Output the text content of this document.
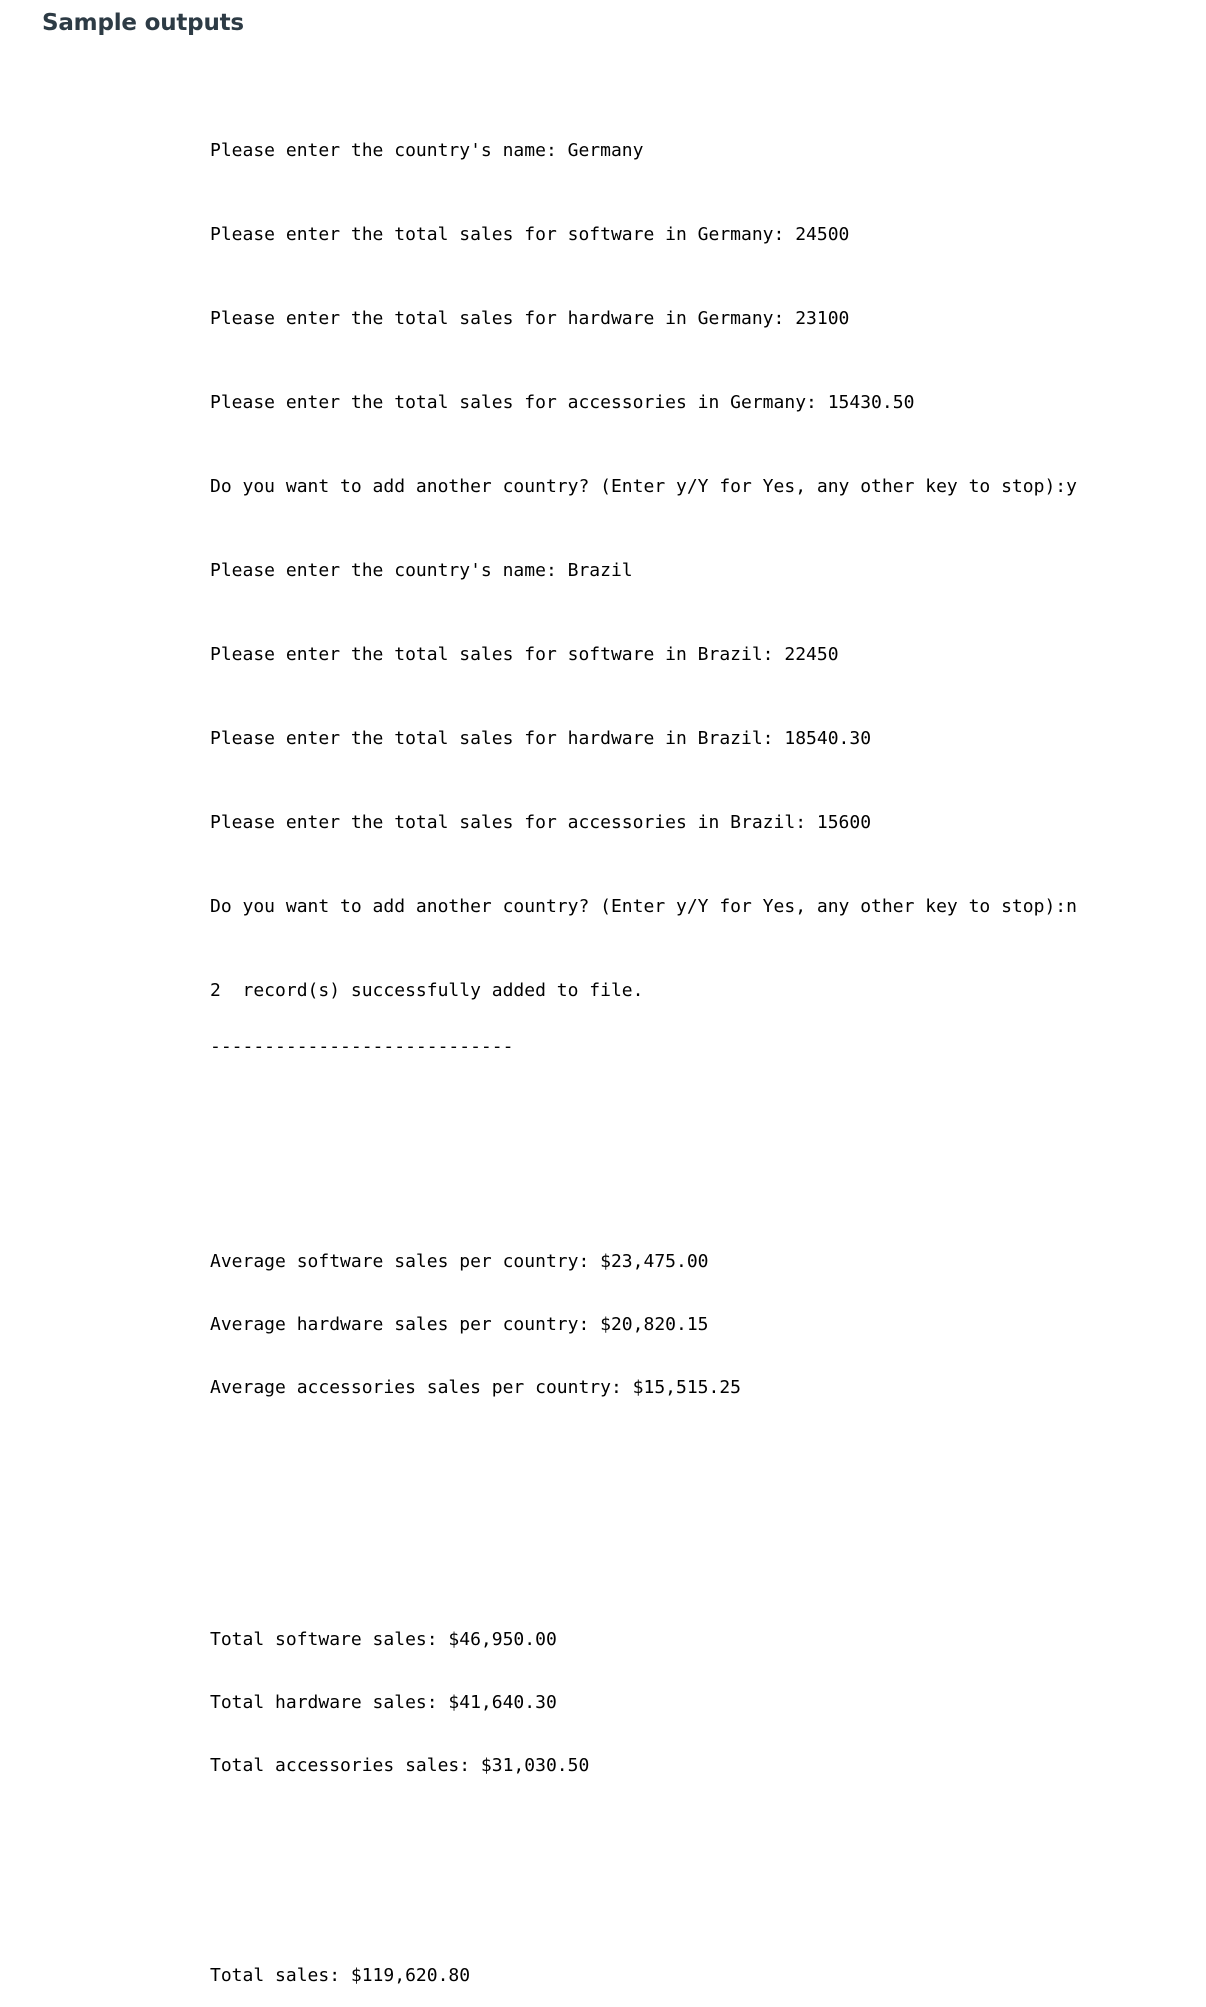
Sample outputs

Please enter the country's name: Germany

Please enter the total sales for software in Germany: 24500

Please enter the total sales for hardware in Germany: 23100

Please enter the total sales for accessories in Germany: 15430.50

Do you want to add another country? (Enter y/Y for Yes, any other key to stop):y

Please enter the country's name: Brazil

Please enter the total sales for software in Brazil: 22450

Please enter the total sales for hardware in Brazil: 18540.30

Please enter the total sales for accessories in Brazil: 15600

Do you want to add another country? (Enter y/Y for Yes, any other key to stop):n

2  record(s) successfully added to file.

----------------------------

Average software sales per country: $23,475.00

Average hardware sales per country: $20,820.15

Average accessories sales per country: $15,515.25

Total software sales: $46,950.00

Total hardware sales: $41,640.30

Total accessories sales: $31,030.50

Total sales: $119,620.80
